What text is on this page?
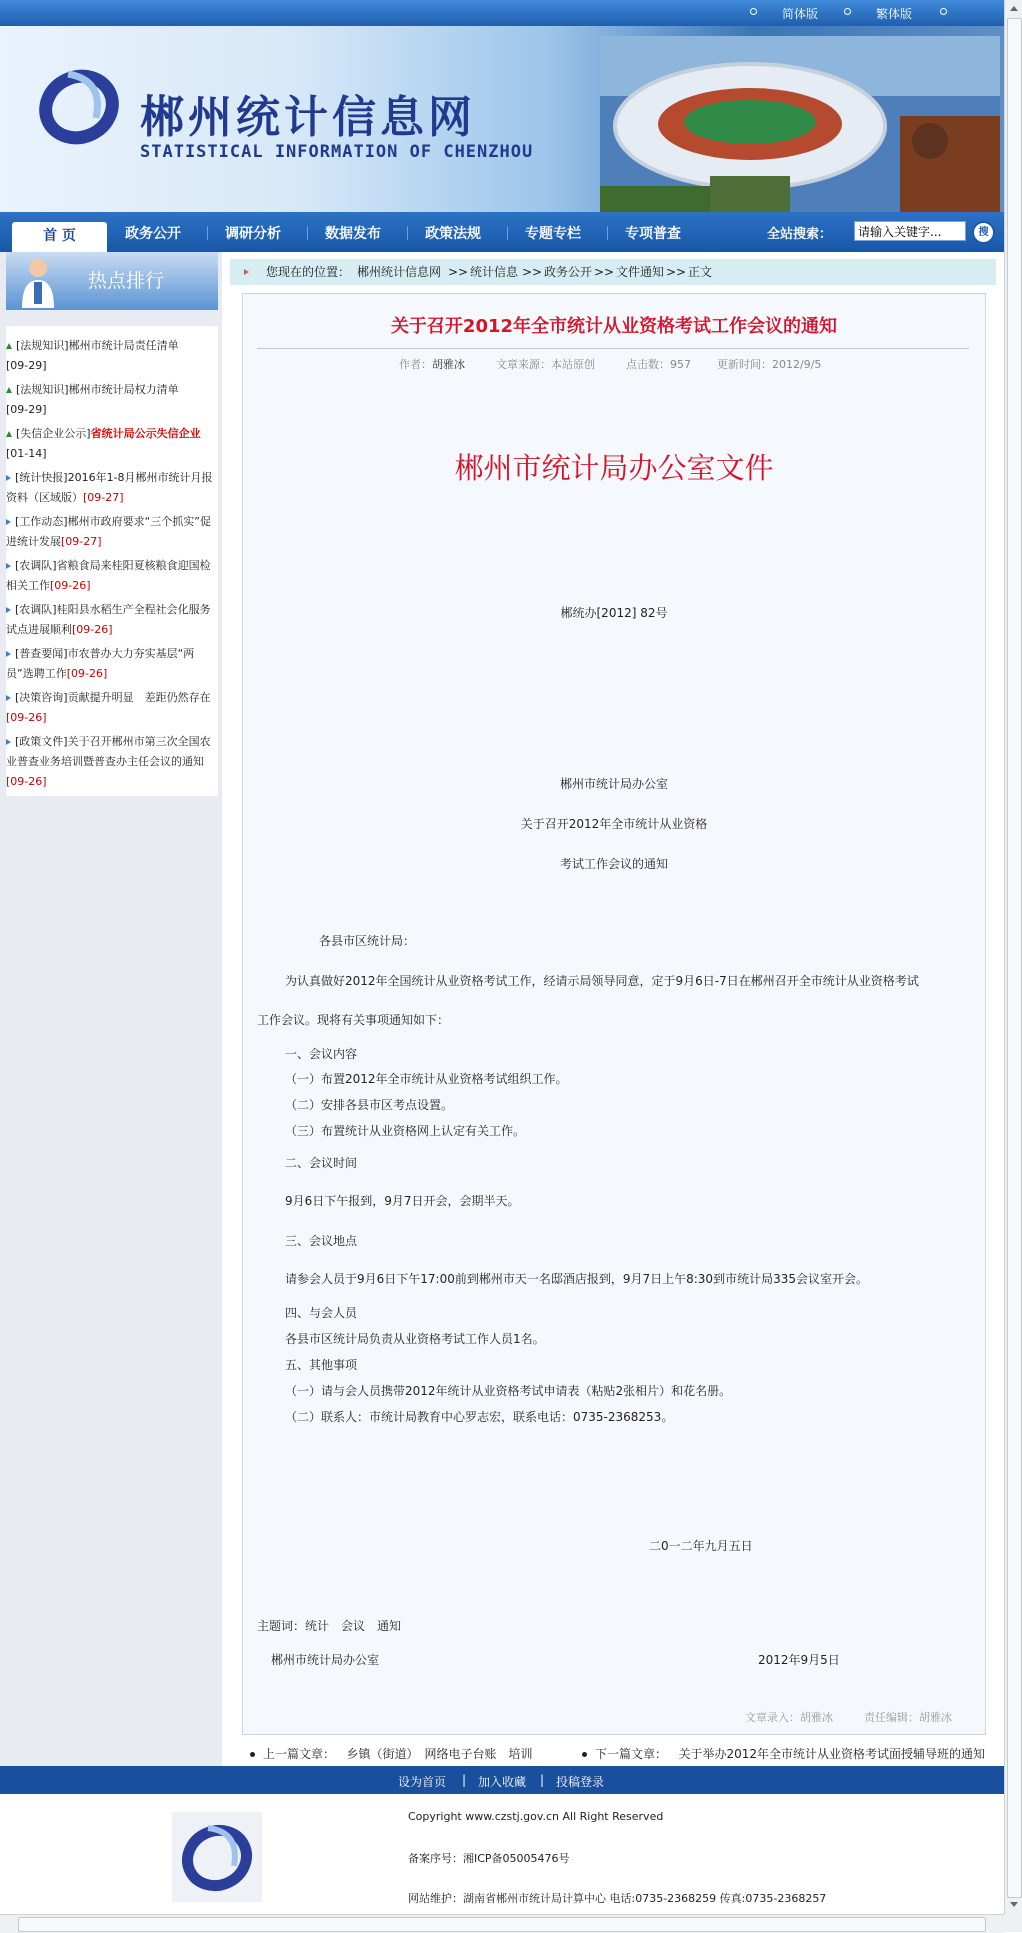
简体版	繁体版
郴州统计信息网
STATISTICAL INFORMATION OF CHENZHOU
首 页	政务公开	调研分析	数据发布	政策法规	专题专栏	专项普查	全站搜索：
请输入关键字...	搜
热点排行
[法规知识]郴州市统计局责任清单
[09-29]
[法规知识]郴州市统计局权力清单
[09-29]
[失信企业公示]省统计局公示失信企业[01-14]
[统计快报]2016年1-8月郴州市统计月报资料（区域版）[09-27]
[工作动态]郴州市政府要求“三个抓实”促进统计发展[09-27]
[农调队]省粮食局来桂阳夏核粮食迎国检相关工作[09-26]
[农调队]桂阳县水稻生产全程社会化服务试点进展顺利[09-26]
[普查要闻]市农普办大力夯实基层“两员”选聘工作[09-26]
[决策咨询]贡献提升明显　差距仍然存在[09-26]
[政策文件]关于召开郴州市第三次全国农业普查业务培训暨普查办主任会议的通知[09-26]
您现在的位置： 郴州统计信息网 >> 统计信息 >> 政务公开 >> 文件通知 >> 正文
关于召开2012年全市统计从业资格考试工作会议的通知
作者：胡雅冰	文章来源：本站原创	点击数：957 更新时间：2012/9/5
郴州市统计局办公室文件
郴统办[2012] 82号
郴州市统计局办公室
关于召开2012年全市统计从业资格
考试工作会议的通知
各县市区统计局：
为认真做好2012年全国统计从业资格考试工作，经请示局领导同意，定于9月6日-7日在郴州召开全市统计从业资格考试
工作会议。现将有关事项通知如下：
一、会议内容
（一）布置2012年全市统计从业资格考试组织工作。
（二）安排各县市区考点设置。
（三）布置统计从业资格网上认定有关工作。
二、会议时间
9月6日下午报到，9月7日开会，会期半天。
三、会议地点
请参会人员于9月6日下午17:00前到郴州市天一名邸酒店报到，9月7日上午8:30到市统计局335会议室开会。
四、与会人员
各县市区统计局负责从业资格考试工作人员1名。
五、其他事项
（一）请与会人员携带2012年统计从业资格考试申请表（粘贴2张相片）和花名册。
（二）联系人：市统计局教育中心罗志宏，联系电话：0735-2368253。
二0一二年九月五日
主题词：统计　会议　通知
郴州市统计局办公室	2012年9月5日
文章录入：胡雅冰	责任编辑：胡雅冰
上一篇文章： 乡镇（街道）　网络电子台账　培训	下一篇文章： 关于举办2012年全市统计从业资格考试面授辅导班的通知
设为首页 | 加入收藏 | 投稿登录
Copyright www.czstj.gov.cn All Right Reserved
备案序号：湘ICP备05005476号
网站维护：湖南省郴州市统计局计算中心 电话:0735-2368259 传真:0735-2368257
